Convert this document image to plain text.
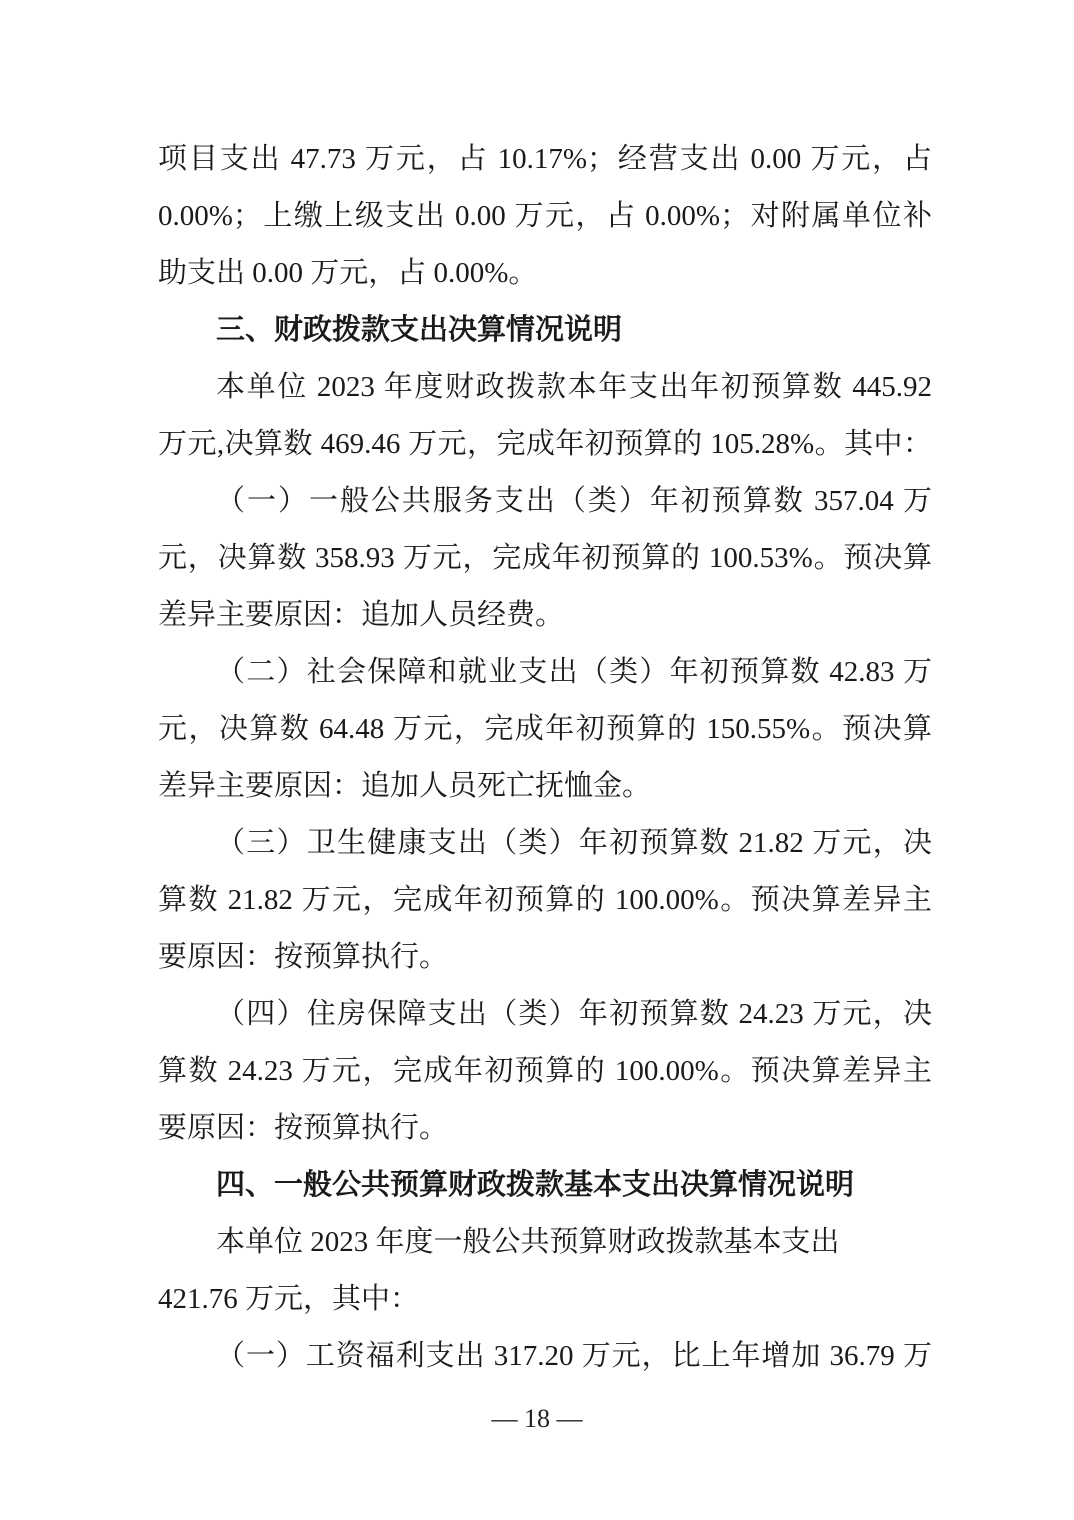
项目支出 47.73 万元，占 10.17%；经营支出 0.00 万元，占
0.00%；上缴上级支出 0.00 万元，占 0.00%；对附属单位补
助支出 0.00 万元，占 0.00%。
三、财政拨款支出决算情况说明
本单位 2023 年度财政拨款本年支出年初预算数 445.92
万元,决算数 469.46 万元，完成年初预算的 105.28%。其中：
（一）一般公共服务支出（类）年初预算数 357.04 万
元，决算数 358.93 万元，完成年初预算的 100.53%。预决算
差异主要原因：追加人员经费。
（二）社会保障和就业支出（类）年初预算数 42.83 万
元，决算数 64.48 万元，完成年初预算的 150.55%。预决算
差异主要原因：追加人员死亡抚恤金。
（三）卫生健康支出（类）年初预算数 21.82 万元，决
算数 21.82 万元，完成年初预算的 100.00%。预决算差异主
要原因：按预算执行。
（四）住房保障支出（类）年初预算数 24.23 万元，决
算数 24.23 万元，完成年初预算的 100.00%。预决算差异主
要原因：按预算执行。
四、一般公共预算财政拨款基本支出决算情况说明
本单位 2023 年度一般公共预算财政拨款基本支出
421.76 万元，其中：
（一）工资福利支出 317.20 万元，比上年增加 36.79 万
— 18 —
